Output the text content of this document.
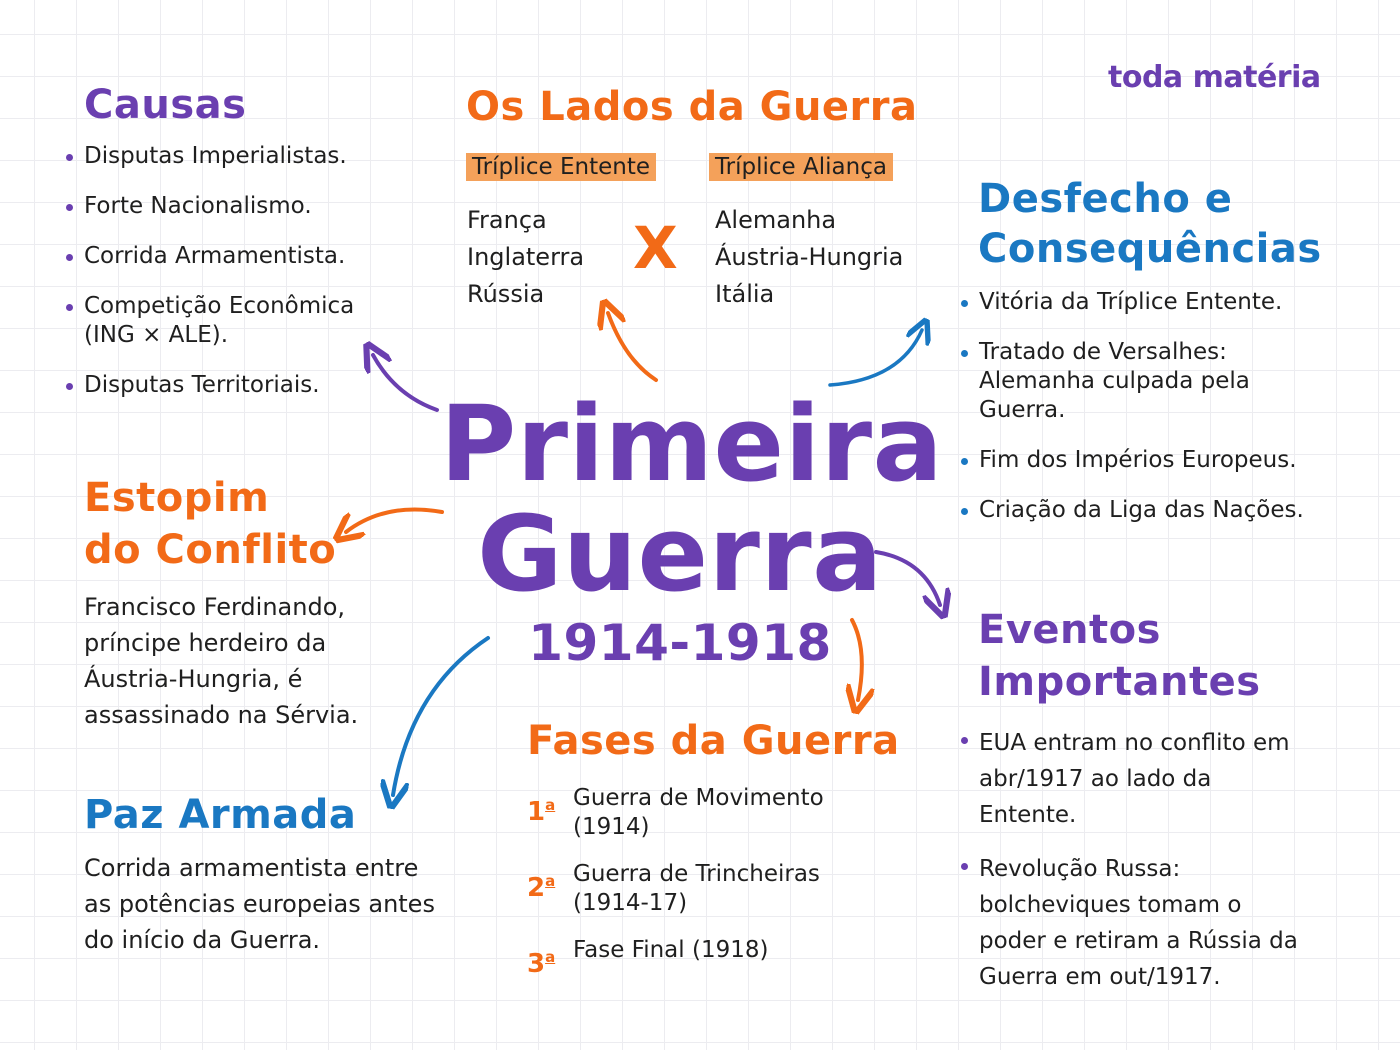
toda matéria
Causas
Disputas Imperialistas.
Forte Nacionalismo.
Corrida Armamentista.
Competição Econômica (ING × ALE).
Disputas Territoriais.
Os Lados da Guerra
Tríplice Entente	Tríplice Aliança
França
Inglaterra
Rússia
X Alemanha
Áustria-Hungria
Itália
Desfecho e
Consequências
Vitória da Tríplice Entente.
Tratado de Versalhes: Alemanha culpada pela Guerra.
Fim dos Impérios Europeus.
Criação da Liga das Nações.
Primeira
Guerra
1914-1918
Estopim
do Conflito
Francisco Ferdinando, príncipe herdeiro da Áustria-Hungria, é assassinado na Sérvia.
Eventos
Importantes
EUA entram no conflito em abr/1917 ao lado da Entente.
Revolução Russa: bolcheviques tomam o poder e retiram a Rússia da Guerra em out/1917.
Paz Armada
Corrida armamentista entre as potências europeias antes do início da Guerra.
Fases da Guerra
1$^a$ Guerra de Movimento (1914)
2$^a$ Guerra de Trincheiras (1914-17)
3$^a$ Fase Final (1918)
